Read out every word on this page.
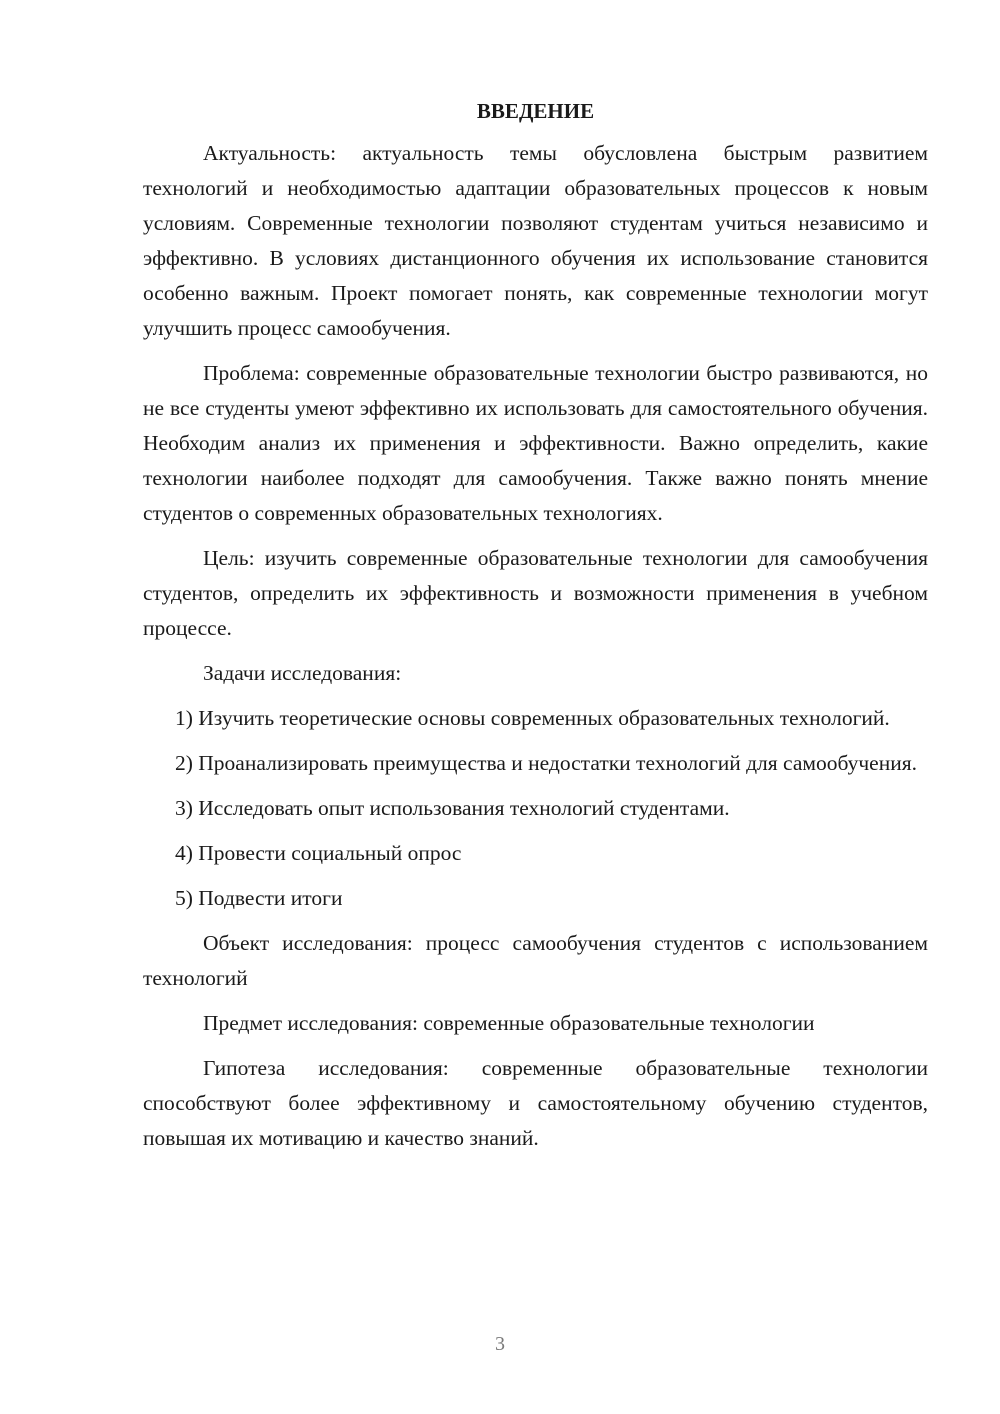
ВВЕДЕНИЕ

Актуальность: актуальность темы обусловлена быстрым развитием технологий и необходимостью адаптации образовательных процессов к новым условиям. Современные технологии позволяют студентам учиться независимо и эффективно. В условиях дистанционного обучения их использование становится особенно важным. Проект помогает понять, как современные технологии могут улучшить процесс самообучения.

Проблема: современные образовательные технологии быстро развиваются, но не все студенты умеют эффективно их использовать для самостоятельного обучения. Необходим анализ их применения и эффективности. Важно определить, какие технологии наиболее подходят для самообучения. Также важно понять мнение студентов о современных образовательных технологиях.

Цель: изучить современные образовательные технологии для самообучения студентов, определить их эффективность и возможности применения в учебном процессе.

Задачи исследования:

1) Изучить теоретические основы современных образовательных технологий.

2) Проанализировать преимущества и недостатки технологий для самообучения.

3) Исследовать опыт использования технологий студентами.

4) Провести социальный опрос

5) Подвести итоги

Объект исследования: процесс самообучения студентов с использованием технологий

Предмет исследования: современные образовательные технологии

Гипотеза исследования: современные образовательные технологии способствуют более эффективному и самостоятельному обучению студентов, повышая их мотивацию и качество знаний.

3
